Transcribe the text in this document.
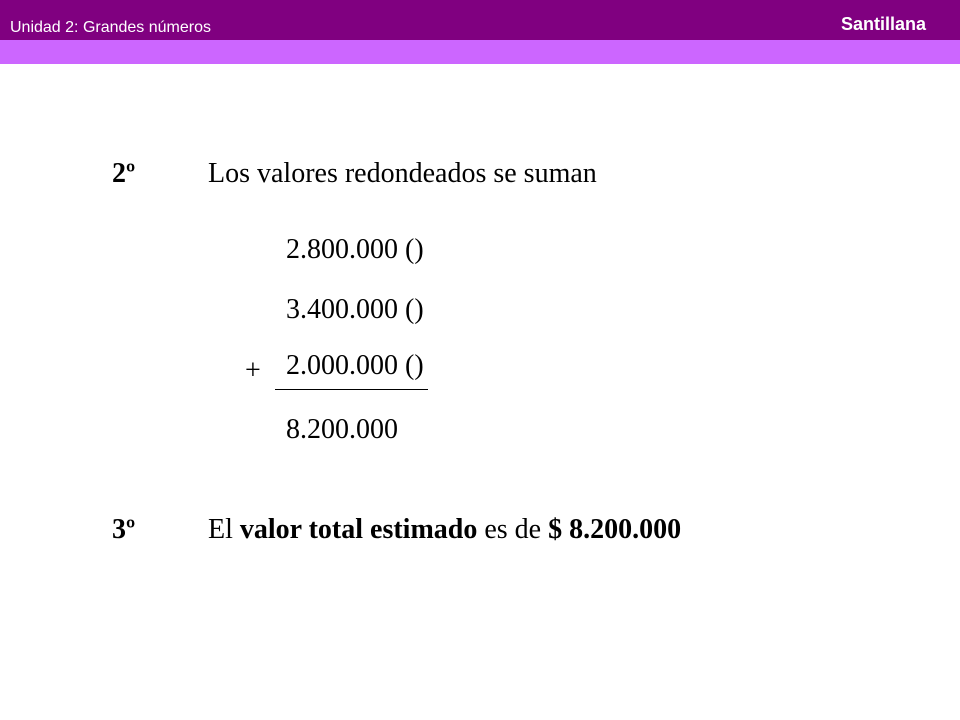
Unidad 2: Grandes números	Santillana
2º	Los valores redondeados se suman
2.800.000 ()
3.400.000 ()
+ 2.000.000 ()
8.200.000
3º	El valor total estimado es de $ 8.200.000
